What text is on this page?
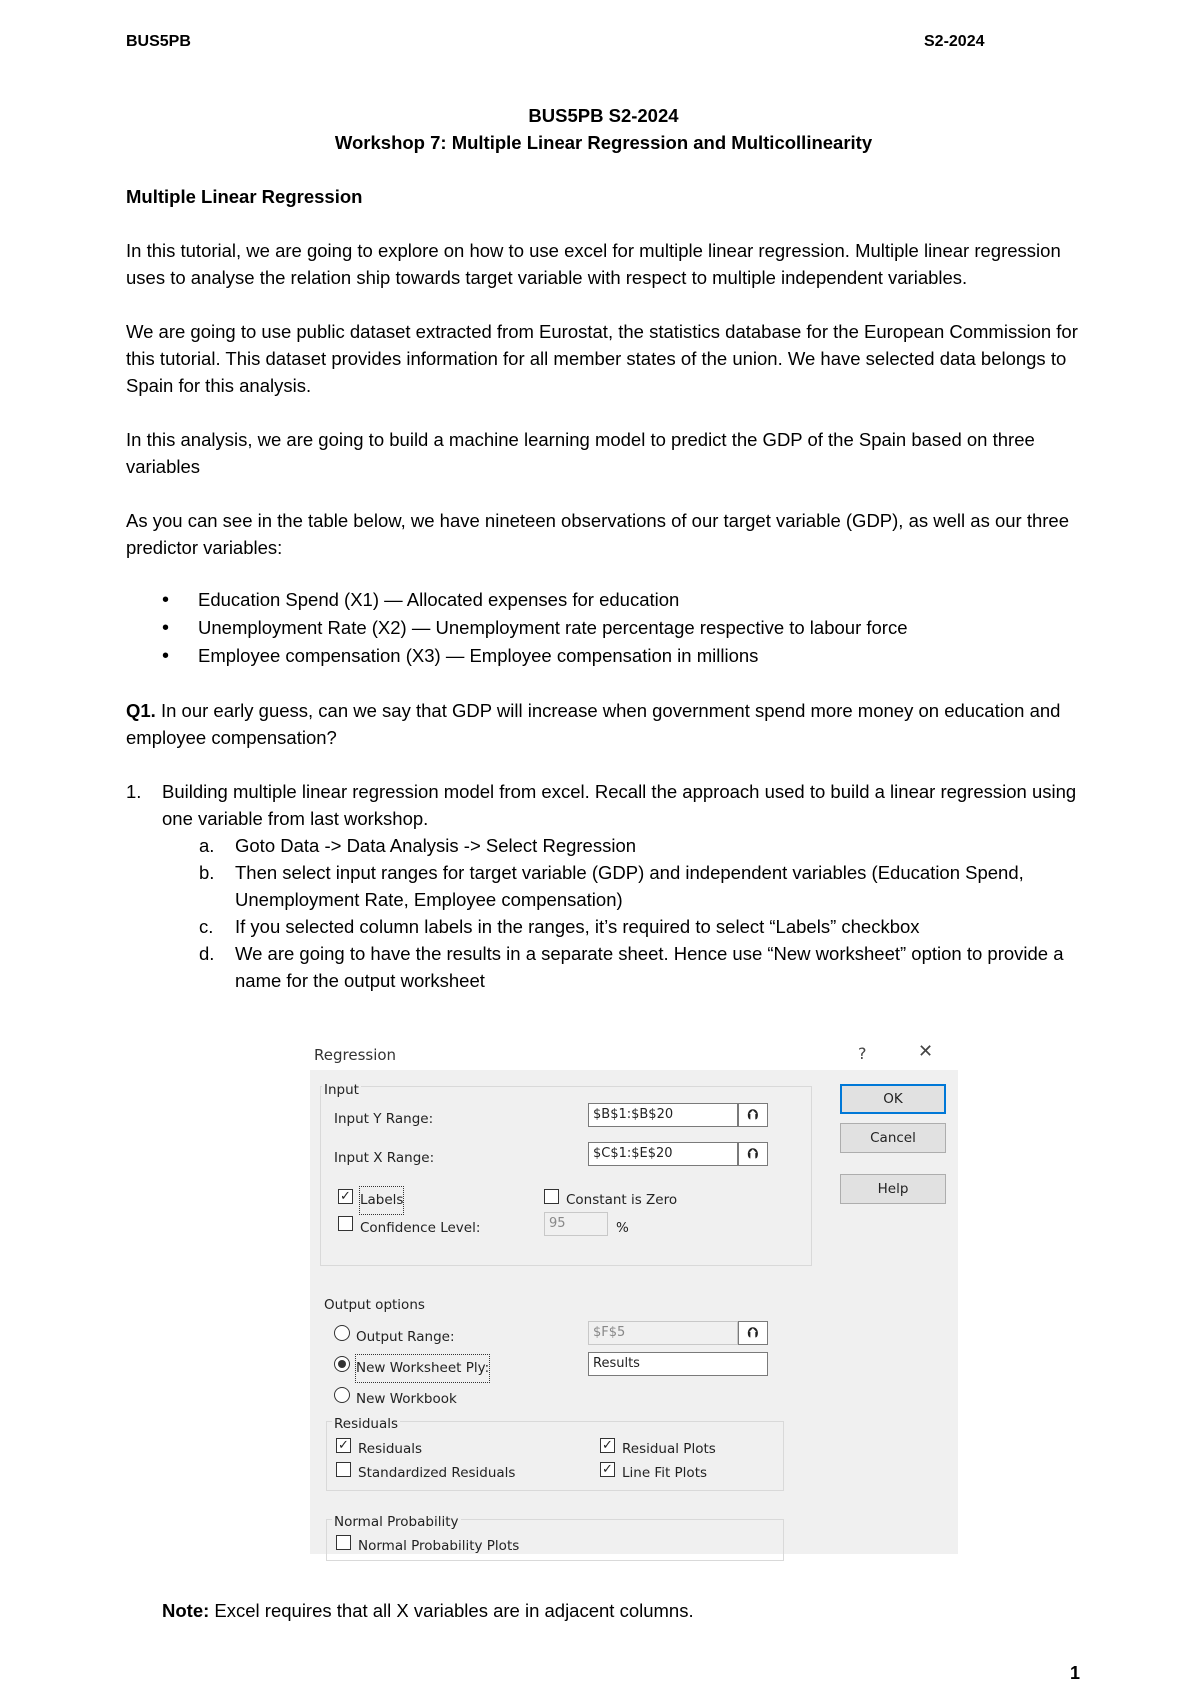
BUS5PB	S2-2024
BUS5PB S2-2024
Workshop 7: Multiple Linear Regression and Multicollinearity

Multiple Linear Regression

In this tutorial, we are going to explore on how to use excel for multiple linear regression. Multiple linear regression uses to analyse the relation ship towards target variable with respect to multiple independent variables.

We are going to use public dataset extracted from Eurostat, the statistics database for the European Commission for this tutorial. This dataset provides information for all member states of the union. We have selected data belongs to Spain for this analysis.

In this analysis, we are going to build a machine learning model to predict the GDP of the Spain based on three variables

As you can see in the table below, we have nineteen observations of our target variable (GDP), as well as our three predictor variables:

• Education Spend (X1) — Allocated expenses for education
• Unemployment Rate (X2) — Unemployment rate percentage respective to labour force
• Employee compensation (X3) — Employee compensation in millions

Q1. In our early guess, can we say that GDP will increase when government spend more money on education and employee compensation?

1. Building multiple linear regression model from excel. Recall the approach used to build a linear regression using one variable from last workshop.
a. Goto Data -> Data Analysis -> Select Regression
b. Then select input ranges for target variable (GDP) and independent variables (Education Spend, Unemployment Rate, Employee compensation)
c. If you selected column labels in the ranges, it’s required to select “Labels” checkbox
d. We are going to have the results in a separate sheet. Hence use “New worksheet” option to provide a name for the output worksheet
Regression	?	✕
Input
Input Y Range:	$B$1:$B$20	⮉
Input X Range:	$C$1:$E$20	⮉
✓ Labels	Constant is Zero
Confidence Level:	95	%
Output options
Output Range:	$F$5	⮉
New Worksheet Ply:	Results
New Workbook
Residuals
✓ Residuals
Standardized Residuals
✓ Residual Plots
✓ Line Fit Plots
Normal Probability
Normal Probability Plots
OK
Cancel
Help
Note: Excel requires that all X variables are in adjacent columns.
1
